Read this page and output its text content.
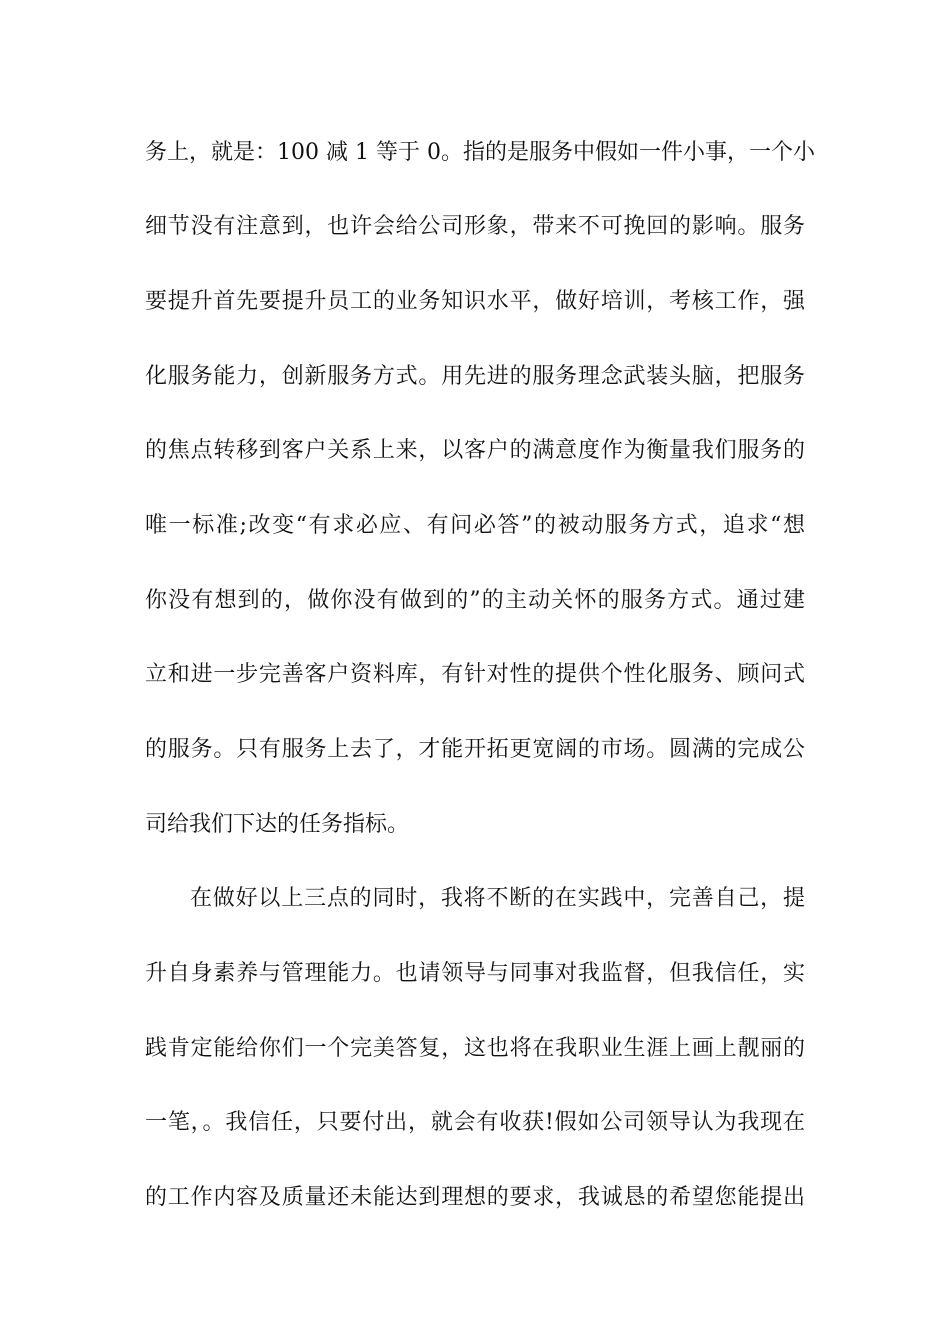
务上，就是：100 减 1 等于 0。指的是服务中假如一件小事，一个小
细节没有注意到，也许会给公司形象，带来不可挽回的影响。服务
要提升首先要提升员工的业务知识水平，做好培训，考核工作，强
化服务能力，创新服务方式。用先进的服务理念武装头脑，把服务
的焦点转移到客户关系上来，以客户的满意度作为衡量我们服务的
唯一标准;改变“有求必应、有问必答”的被动服务方式，追求“想
你没有想到的，做你没有做到的”的主动关怀的服务方式。通过建
立和进一步完善客户资料库，有针对性的提供个性化服务、顾问式
的服务。只有服务上去了，才能开拓更宽阔的市场。圆满的完成公
司给我们下达的任务指标。
在做好以上三点的同时，我将不断的在实践中，完善自己，提
升自身素养与管理能力。也请领导与同事对我监督，但我信任，实
践肯定能给你们一个完美答复，这也将在我职业生涯上画上靓丽的
一笔，。我信任，只要付出，就会有收获!假如公司领导认为我现在
的工作内容及质量还未能达到理想的要求，我诚恳的希望您能提出
